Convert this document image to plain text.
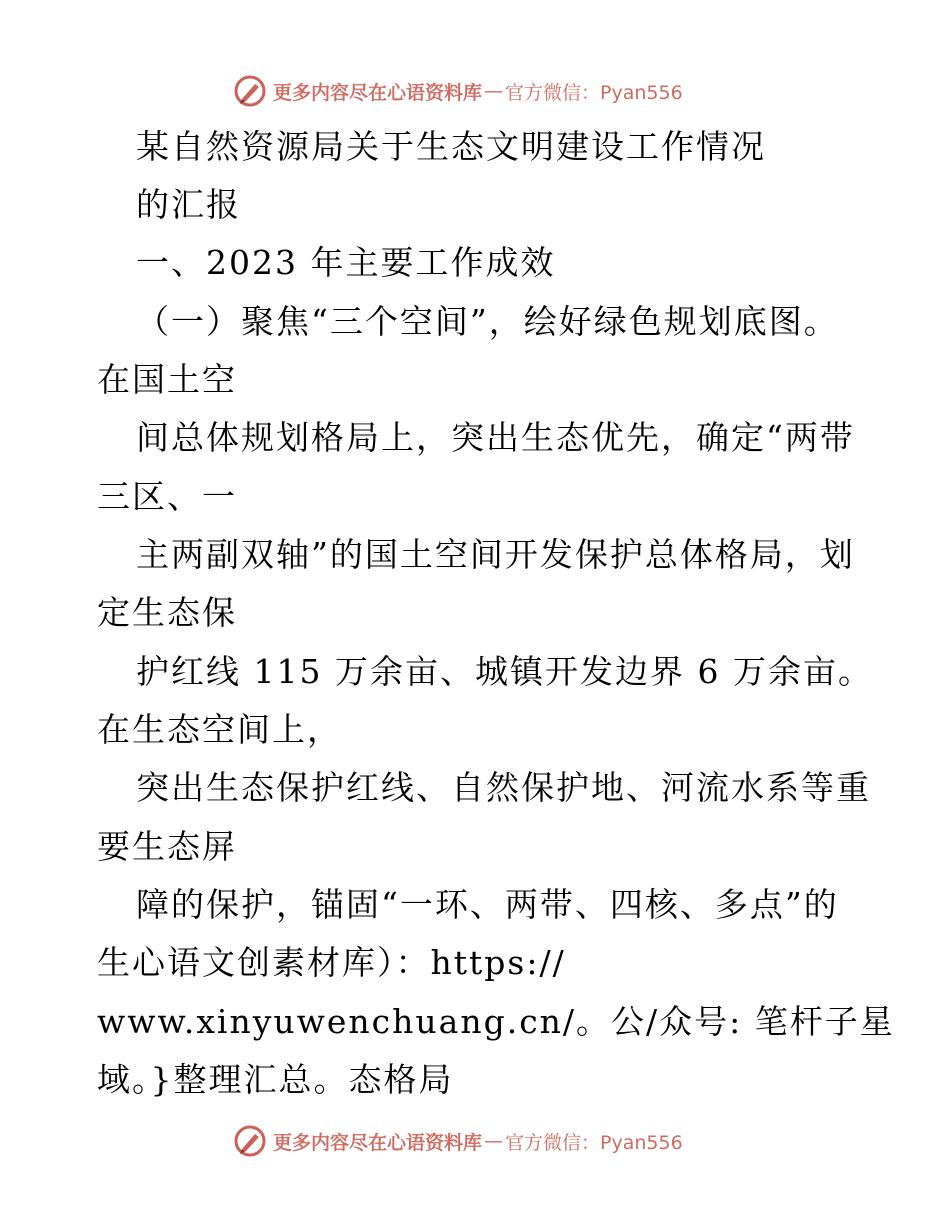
更多内容尽在心语资料库 — 官方微信：Pyan556
某自然资源局关于生态文明建设工作情况
的汇报
一、2023 年主要工作成效
（一）聚焦“三个空间”，绘好绿色规划底图。
在国土空
间总体规划格局上，突出生态优先，确定“两带
三区、一
主两副双轴”的国土空间开发保护总体格局，划
定生态保
护红线 115 万余亩、城镇开发边界 6 万余亩。
在生态空间上，
突出生态保护红线、自然保护地、河流水系等重
要生态屏
障的保护，锚固“一环、两带、四核、多点”的
生心语文创素材库）：https://
www.xinyuwenchuang.cn/。公/众号: 笔杆子星
域。}整理汇总。态格局
更多内容尽在心语资料库 — 官方微信：Pyan556
